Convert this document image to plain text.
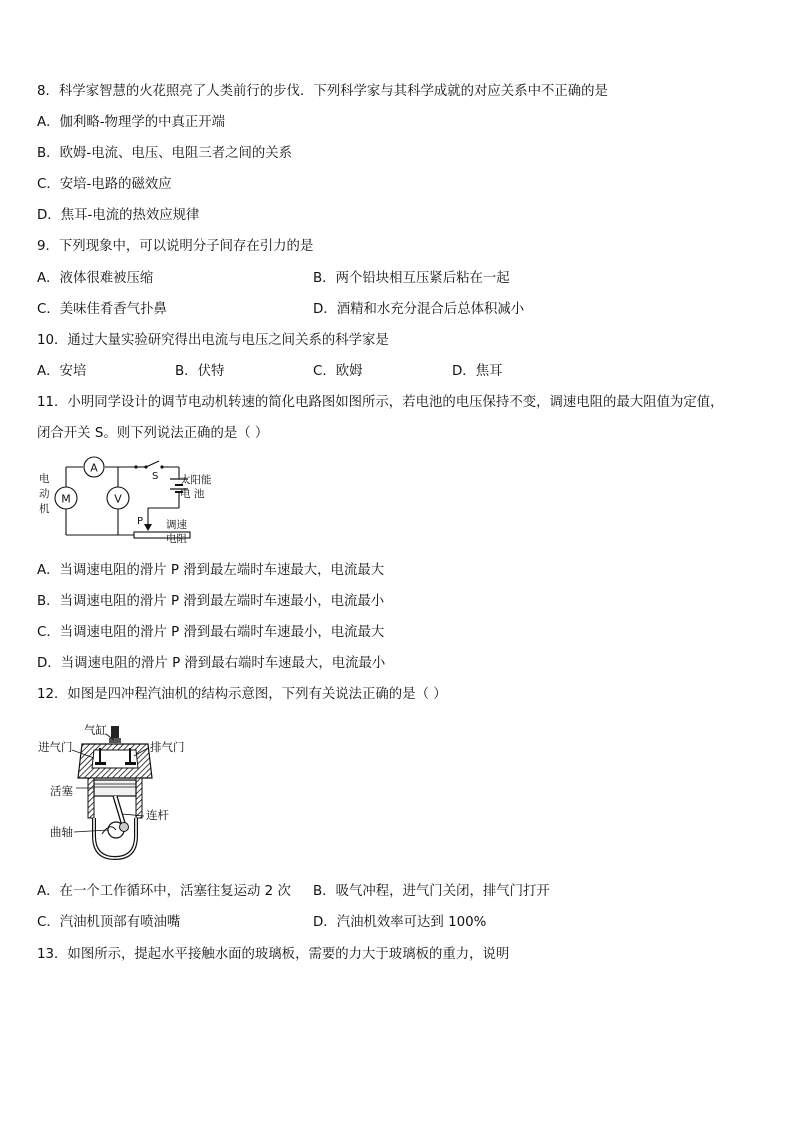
8．科学家智慧的火花照亮了人类前行的步伐．下列科学家与其科学成就的对应关系中不正确的是
A．伽利略-物理学的中真正开端
B．欧姆-电流、电压、电阻三者之间的关系
C．安培-电路的磁效应
D．焦耳-电流的热效应规律
9．下列现象中，可以说明分子间存在引力的是
A．液体很难被压缩	B．两个铅块相互压紧后粘在一起
C．美味佳肴香气扑鼻	D．酒精和水充分混合后总体积减小
10．通过大量实验研究得出电流与电压之间关系的科学家是
A．安培	B．伏特	C．欧姆	D．焦耳
11．小明同学设计的调节电动机转速的简化电路图如图所示，若电池的电压保持不变，调速电阻的最大阻值为定值，
闭合开关 S。则下列说法正确的是（ ）
A
M	V
S
P
电
动
机
太阳能
电 池
调速
电阻
A．当调速电阻的滑片 P 滑到最左端时车速最大，电流最大
B．当调速电阻的滑片 P 滑到最左端时车速最小，电流最小
C．当调速电阻的滑片 P 滑到最右端时车速最小，电流最大
D．当调速电阻的滑片 P 滑到最右端时车速最大，电流最小
12．如图是四冲程汽油机的结构示意图，下列有关说法正确的是（ ）
气缸
进气门	排气门
活塞
连杆
曲轴
A．在一个工作循环中，活塞往复运动 2 次 B．吸气冲程，进气门关闭，排气门打开
C．汽油机顶部有喷油嘴	D．汽油机效率可达到 100%
13．如图所示，提起水平接触水面的玻璃板，需要的力大于玻璃板的重力，说明
